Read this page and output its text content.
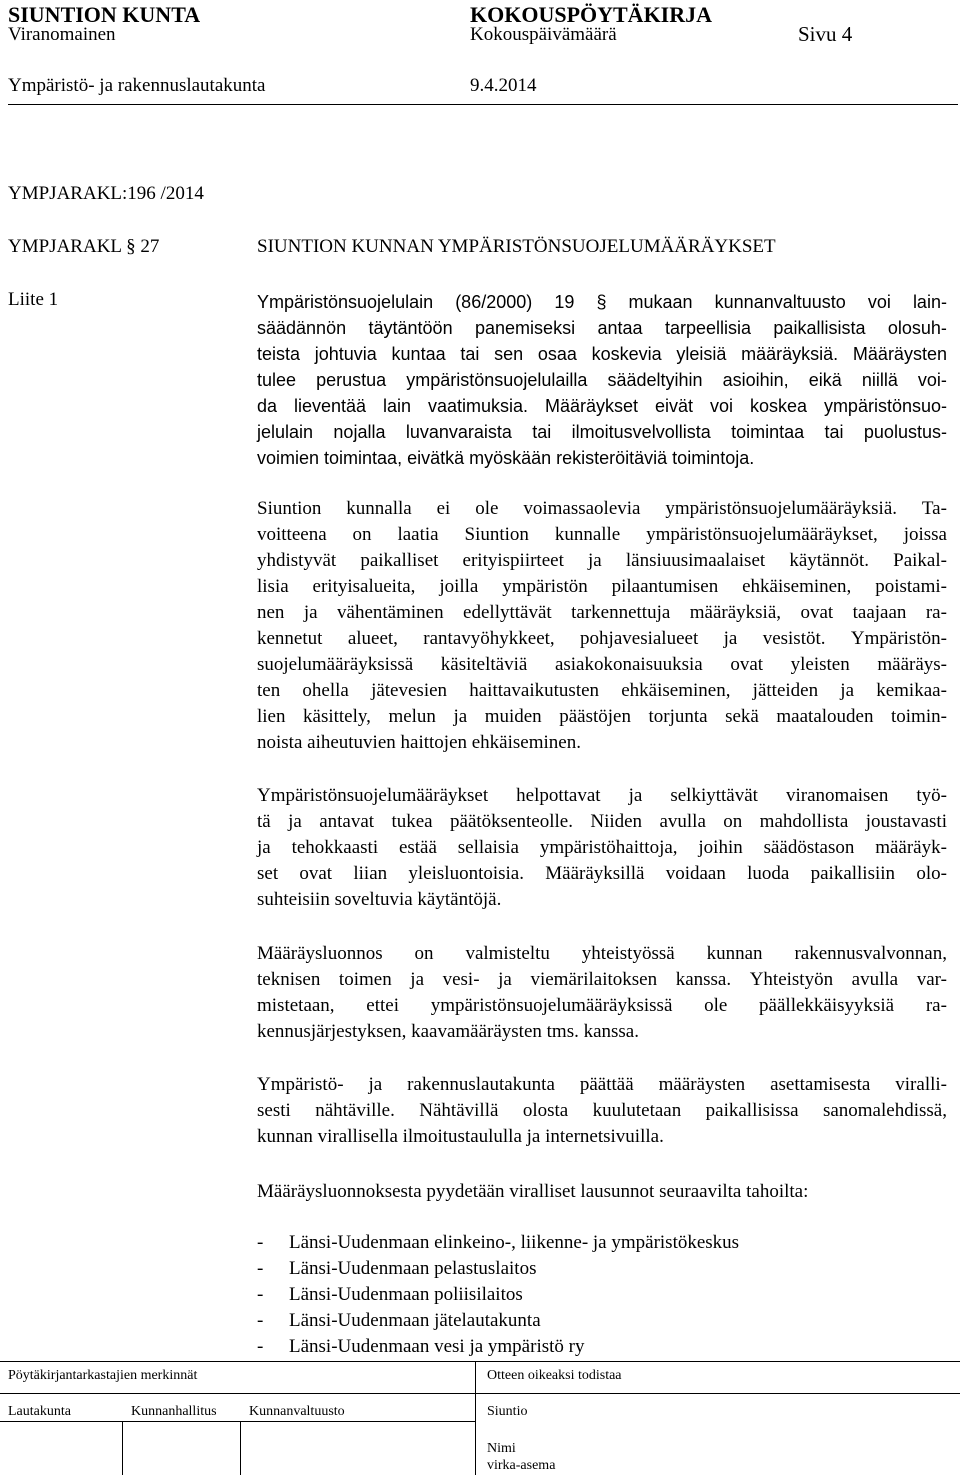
SIUNTION KUNTA	KOKOUSPÖYTÄKIRJA
Viranomainen	Kokouspäivämäärä	Sivu 4
Ympäristö- ja rakennuslautakunta	9.4.2014
YMPJARAKL:196 /2014
YMPJARAKL § 27	SIUNTION KUNNAN YMPÄRISTÖNSUOJELUMÄÄRÄYKSET
Liite 1	Ympäristönsuojelulain (86/2000) 19 § mukaan kunnanvaltuusto voi lain-
säädännön täytäntöön panemiseksi antaa tarpeellisia paikallisista olosuh-
teista johtuvia kuntaa tai sen osaa koskevia yleisiä määräyksiä. Määräysten
tulee perustua ympäristönsuojelulailla säädeltyihin asioihin, eikä niillä voi-
da lieventää lain vaatimuksia. Määräykset eivät voi koskea ympäristönsuo-
jelulain nojalla luvanvaraista tai ilmoitusvelvollista toimintaa tai puolustus-
voimien toimintaa, eivätkä myöskään rekisteröitäviä toimintoja.
Siuntion kunnalla ei ole voimassaolevia ympäristönsuojelumääräyksiä. Ta-
voitteena on laatia Siuntion kunnalle ympäristönsuojelumääräykset, joissa
yhdistyvät paikalliset erityispiirteet ja länsiuusimaalaiset käytännöt. Paikal-
lisia erityisalueita, joilla ympäristön pilaantumisen ehkäiseminen, poistami-
nen ja vähentäminen edellyttävät tarkennettuja määräyksiä, ovat taajaan ra-
kennetut alueet, rantavyöhykkeet, pohjavesialueet ja vesistöt. Ympäristön-
suojelumääräyksissä käsiteltäviä asiakokonaisuuksia ovat yleisten määräys-
ten ohella jätevesien haittavaikutusten ehkäiseminen, jätteiden ja kemikaa-
lien käsittely, melun ja muiden päästöjen torjunta sekä maatalouden toimin-
noista aiheutuvien haittojen ehkäiseminen.
Ympäristönsuojelumääräykset helpottavat ja selkiyttävät viranomaisen työ-
tä ja antavat tukea päätöksenteolle. Niiden avulla on mahdollista joustavasti
ja tehokkaasti estää sellaisia ympäristöhaittoja, joihin säädöstason määräyk-
set ovat liian yleisluontoisia. Määräyksillä voidaan luoda paikallisiin olo-
suhteisiin soveltuvia käytäntöjä.
Määräysluonnos on valmisteltu yhteistyössä kunnan rakennusvalvonnan,
teknisen toimen ja vesi- ja viemärilaitoksen kanssa. Yhteistyön avulla var-
mistetaan, ettei ympäristönsuojelumääräyksissä ole päällekkäisyyksiä ra-
kennusjärjestyksen, kaavamääräysten tms. kanssa.
Ympäristö- ja rakennuslautakunta päättää määräysten asettamisesta viralli-
sesti nähtäville. Nähtävillä olosta kuulutetaan paikallisissa sanomalehdissä,
kunnan virallisella ilmoitustaululla ja internetsivuilla.
Määräysluonnoksesta pyydetään viralliset lausunnot seuraavilta tahoilta:
-	Länsi-Uudenmaan elinkeino-, liikenne- ja ympäristökeskus
-	Länsi-Uudenmaan pelastuslaitos
-	Länsi-Uudenmaan poliisilaitos
-	Länsi-Uudenmaan jätelautakunta
-	Länsi-Uudenmaan vesi ja ympäristö ry
Pöytäkirjantarkastajien merkinnät
Lautakunta	Kunnanhallitus Kunnanvaltuusto
Otteen oikeaksi todistaa
Siuntio
Nimi
virka-asema
